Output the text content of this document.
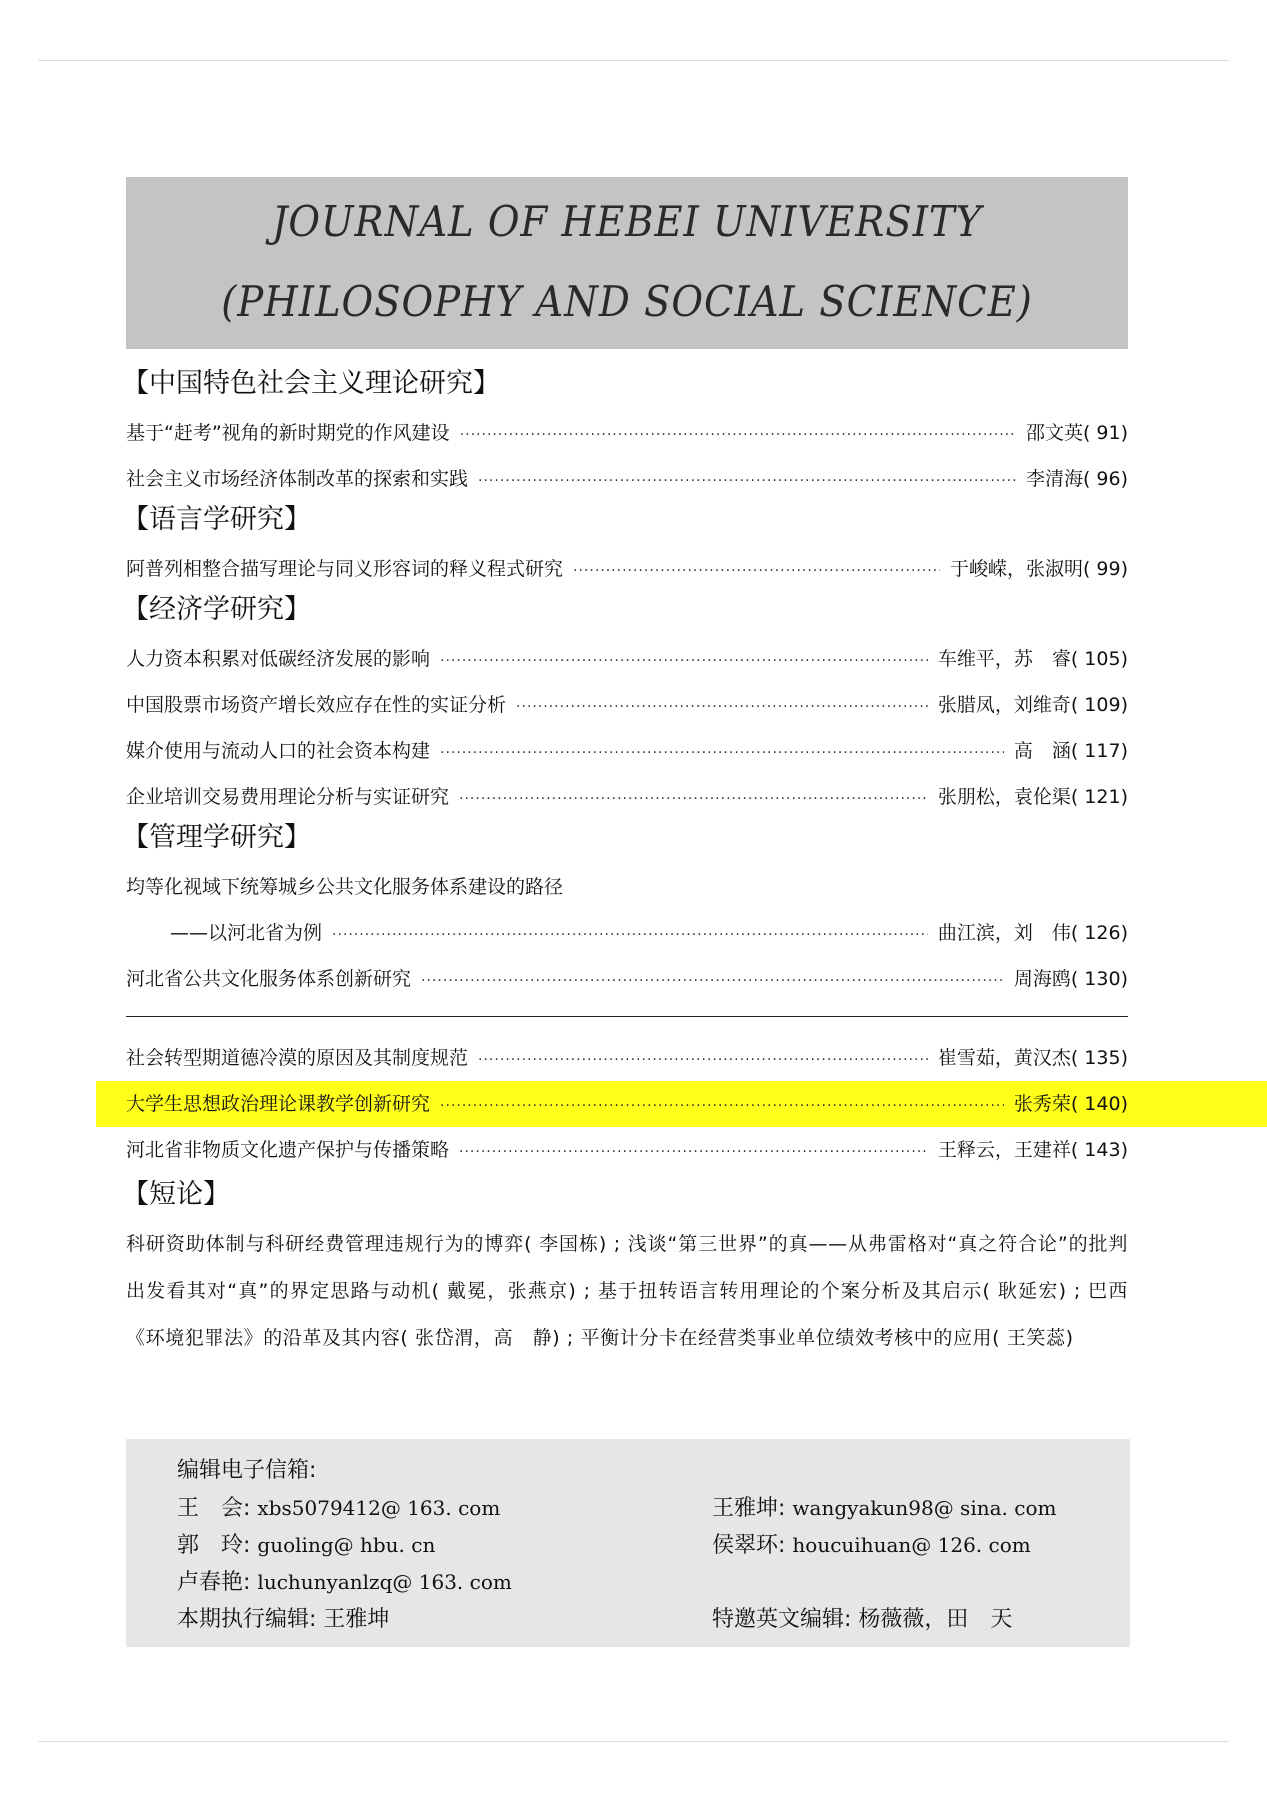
JOURNAL OF HEBEI UNIVERSITY
(PHILOSOPHY AND SOCIAL SCIENCE)
【中国特色社会主义理论研究】
基于“赶考”视角的新时期党的作风建设 ·····	邵文英( 91)
社会主义市场经济体制改革的探索和实践 ·····	李清海( 96)
【语言学研究】
阿普列相整合描写理论与同义形容词的释义程式研究 ·····	于峻嵘，张淑明( 99)
【经济学研究】
人力资本积累对低碳经济发展的影响 ·····	车维平，苏　睿( 105)
中国股票市场资产增长效应存在性的实证分析 ·····	张腊凤，刘维奇( 109)
媒介使用与流动人口的社会资本构建 ·····	高　涵( 117)
企业培训交易费用理论分析与实证研究 ·····	张朋松，袁伦渠( 121)
【管理学研究】
均等化视域下统筹城乡公共文化服务体系建设的路径
——以河北省为例 ·····	曲江滨，刘　伟( 126)
河北省公共文化服务体系创新研究 ·····	周海鸥( 130)
社会转型期道德冷漠的原因及其制度规范 ·····	崔雪茹，黄汉杰( 135)
大学生思想政治理论课教学创新研究 ·····	张秀荣( 140)
河北省非物质文化遗产保护与传播策略 ·····	王释云，王建祥( 143)
【短论】
科研资助体制与科研经费管理违规行为的博弈( 李国栋) ; 浅谈“第三世界”的真——从弗雷格对“真之符合论”的批判出发看其对“真”的界定思路与动机( 戴冕，张燕京) ; 基于扭转语言转用理论的个案分析及其启示( 耿延宏) ; 巴西《环境犯罪法》的沿革及其内容( 张岱渭，高　静) ; 平衡计分卡在经营类事业单位绩效考核中的应用( 王笑蕊)
编辑电子信箱:
王　会: xbs5079412@ 163. com	王雅坤: wangyakun98@ sina. com
郭　玲: guoling@ hbu. cn	侯翠环: houcuihuan@ 126. com
卢春艳: luchunyanlzq@ 163. com
本期执行编辑: 王雅坤	特邀英文编辑: 杨薇薇，田　天
